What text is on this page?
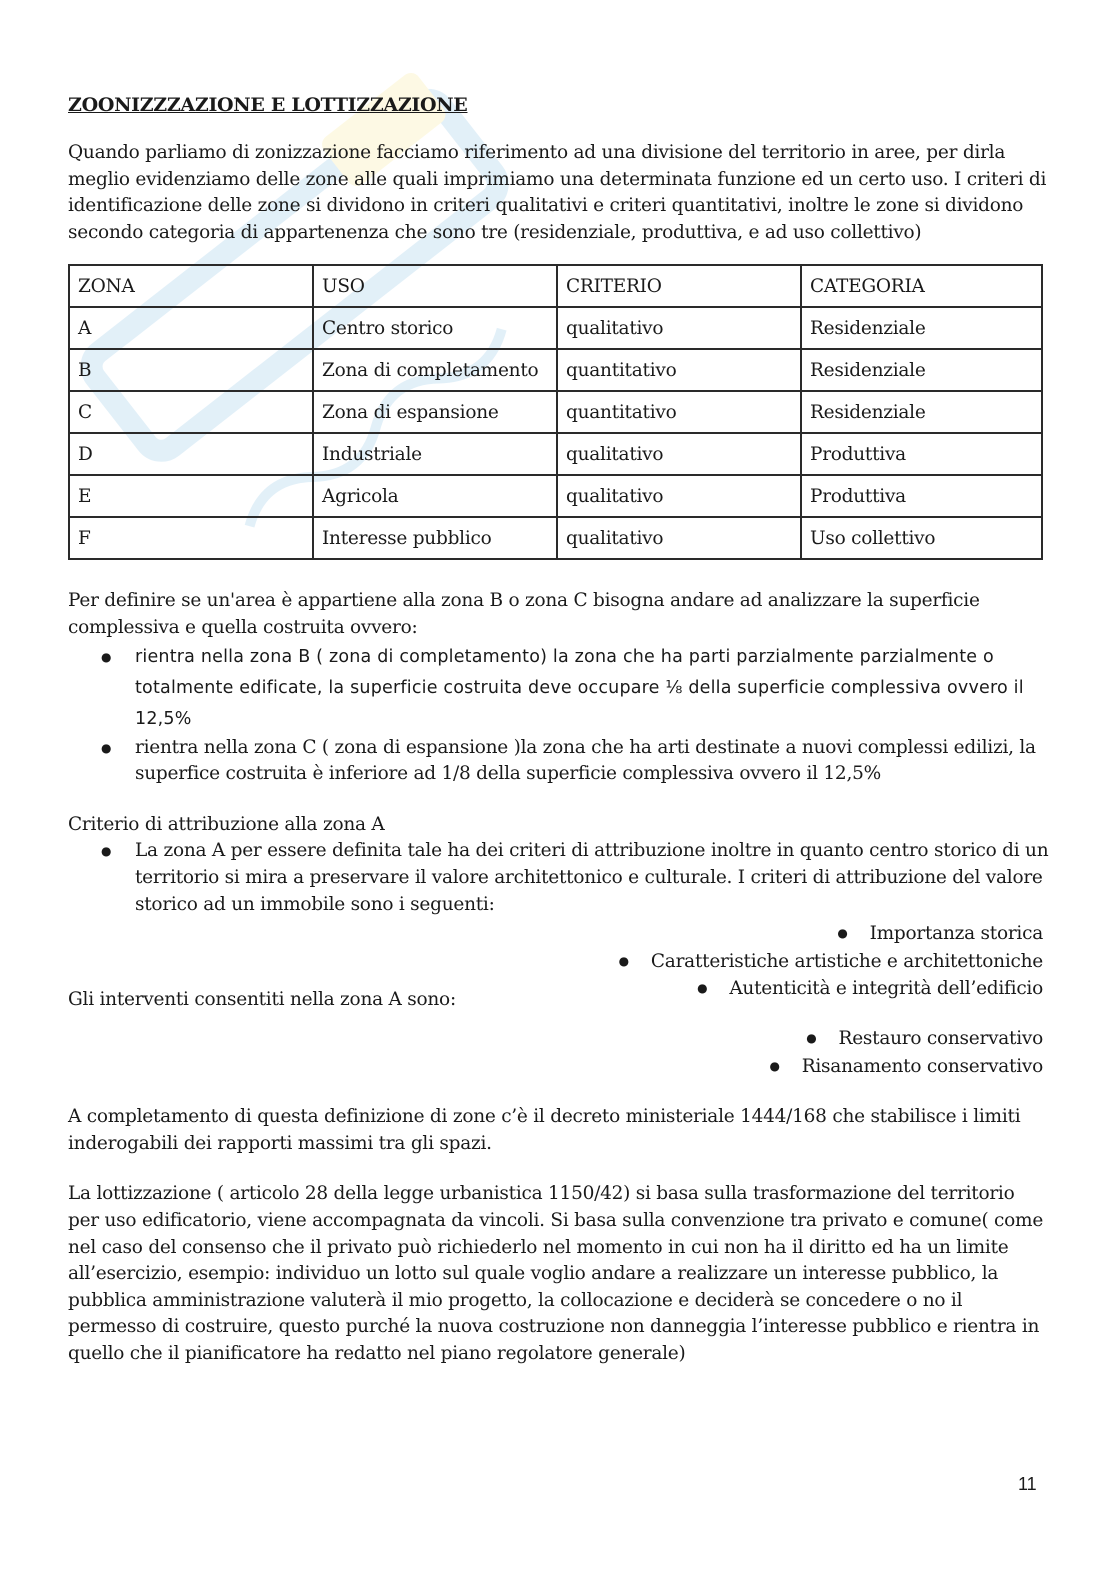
ZOONIZZZAZIONE E LOTTIZZAZIONE

Quando parliamo di zonizzazione facciamo riferimento ad una divisione del territorio in aree, per dirla meglio evidenziamo delle zone alle quali imprimiamo una determinata funzione ed un certo uso. I criteri di identificazione delle zone si dividono in criteri qualitativi e criteri quantitativi, inoltre le zone si dividono secondo categoria di appartenenza che sono tre (residenziale, produttiva, e ad uso collettivo)

ZONA	USO	CRITERIO	CATEGORIA
A	Centro storico	qualitativo	Residenziale
B	Zona di completamento	quantitativo	Residenziale
C	Zona di espansione	quantitativo	Residenziale
D	Industriale	qualitativo	Produttiva
E	Agricola	qualitativo	Produttiva
F	Interesse pubblico	qualitativo	Uso collettivo

Per definire se un'area è appartiene alla zona B o zona C bisogna andare ad analizzare la superficie complessiva e quella costruita ovvero:

● rientra nella zona B ( zona di completamento) la zona che ha parti parzialmente parzialmente o totalmente edificate, la superficie costruita deve occupare ⅛ della superficie complessiva ovvero il 12,5%
● rientra nella zona C ( zona di espansione )la zona che ha arti destinate a nuovi complessi edilizi, la superfice costruita è inferiore ad 1/8 della superficie complessiva ovvero il 12,5%

Criterio di attribuzione alla zona A

● La zona A per essere definita tale ha dei criteri di attribuzione inoltre in quanto centro storico di un territorio si mira a preservare il valore architettonico e culturale. I criteri di attribuzione del valore storico ad un immobile sono i seguenti:
● Importanza storica
● Caratteristiche artistiche e architettoniche
● Autenticità e integrità dell’edificio

Gli interventi consentiti nella zona A sono:

● Restauro conservativo
● Risanamento conservativo

A completamento di questa definizione di zone c’è il decreto ministeriale 1444/168 che stabilisce i limiti inderogabili dei rapporti massimi tra gli spazi.

La lottizzazione ( articolo 28 della legge urbanistica 1150/42) si basa sulla trasformazione del territorio per uso edificatorio, viene accompagnata da vincoli. Si basa sulla convenzione tra privato e comune( come nel caso del consenso che il privato può richiederlo nel momento in cui non ha il diritto ed ha un limite all’esercizio, esempio: individuo un lotto sul quale voglio andare a realizzare un interesse pubblico, la pubblica amministrazione valuterà il mio progetto, la collocazione e deciderà se concedere o no il permesso di costruire, questo purché la nuova costruzione non danneggia l’interesse pubblico e rientra in quello che il pianificatore ha redatto nel piano regolatore generale)

11
